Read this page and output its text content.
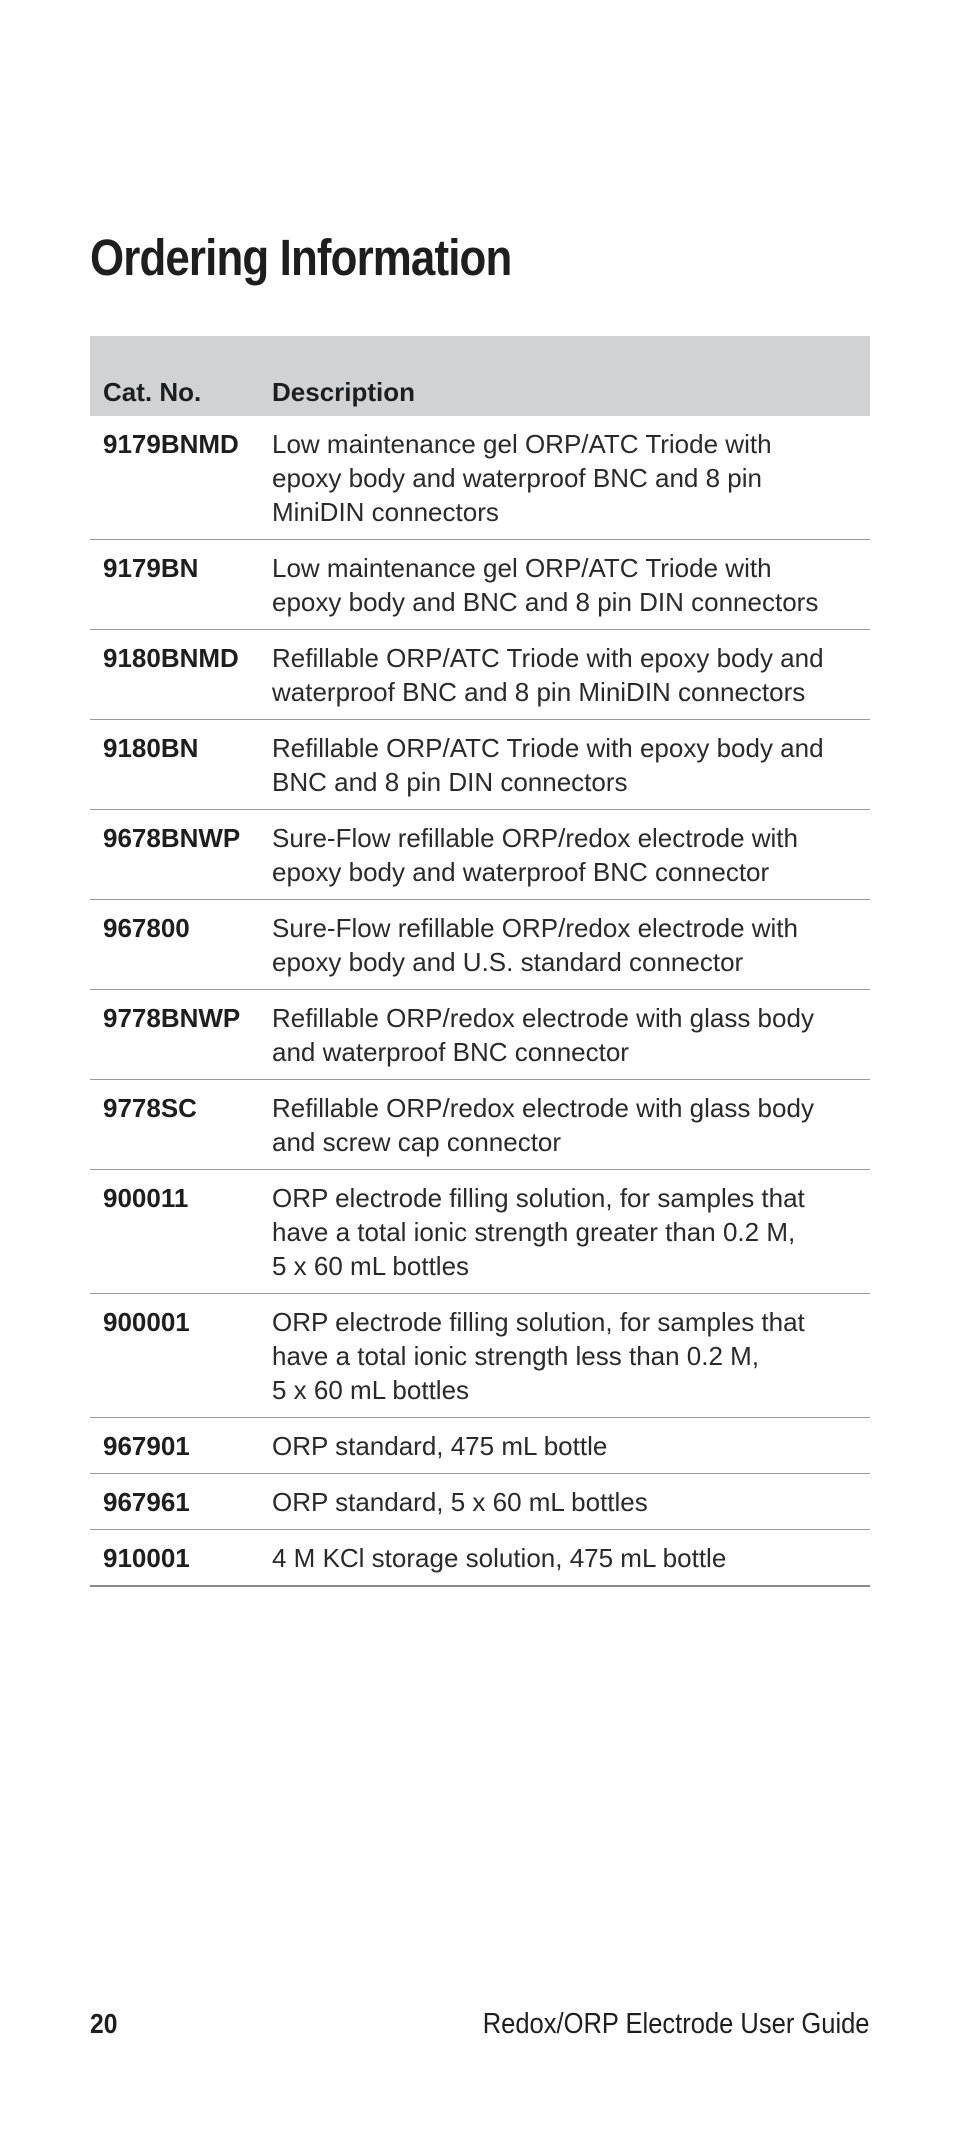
Ordering Information
Cat. No.	Description
9179BNMD	Low maintenance gel ORP/ATC Triode with
epoxy body and waterproof BNC and 8 pin
MiniDIN connectors
9179BN	Low maintenance gel ORP/ATC Triode with
epoxy body and BNC and 8 pin DIN connectors
9180BNMD	Refillable ORP/ATC Triode with epoxy body and
waterproof BNC and 8 pin MiniDIN connectors
9180BN	Refillable ORP/ATC Triode with epoxy body and
BNC and 8 pin DIN connectors
9678BNWP	Sure-Flow refillable ORP/redox electrode with
epoxy body and waterproof BNC connector
967800	Sure-Flow refillable ORP/redox electrode with
epoxy body and U.S. standard connector
9778BNWP	Refillable ORP/redox electrode with glass body
and waterproof BNC connector
9778SC	Refillable ORP/redox electrode with glass body
and screw cap connector
900011	ORP electrode filling solution, for samples that
have a total ionic strength greater than 0.2 M,
5 x 60 mL bottles
900001	ORP electrode filling solution, for samples that
have a total ionic strength less than 0.2 M,
5 x 60 mL bottles
967901	ORP standard, 475 mL bottle
967961	ORP standard, 5 x 60 mL bottles
910001	4 M KCl storage solution, 475 mL bottle
20	Redox/ORP Electrode User Guide
